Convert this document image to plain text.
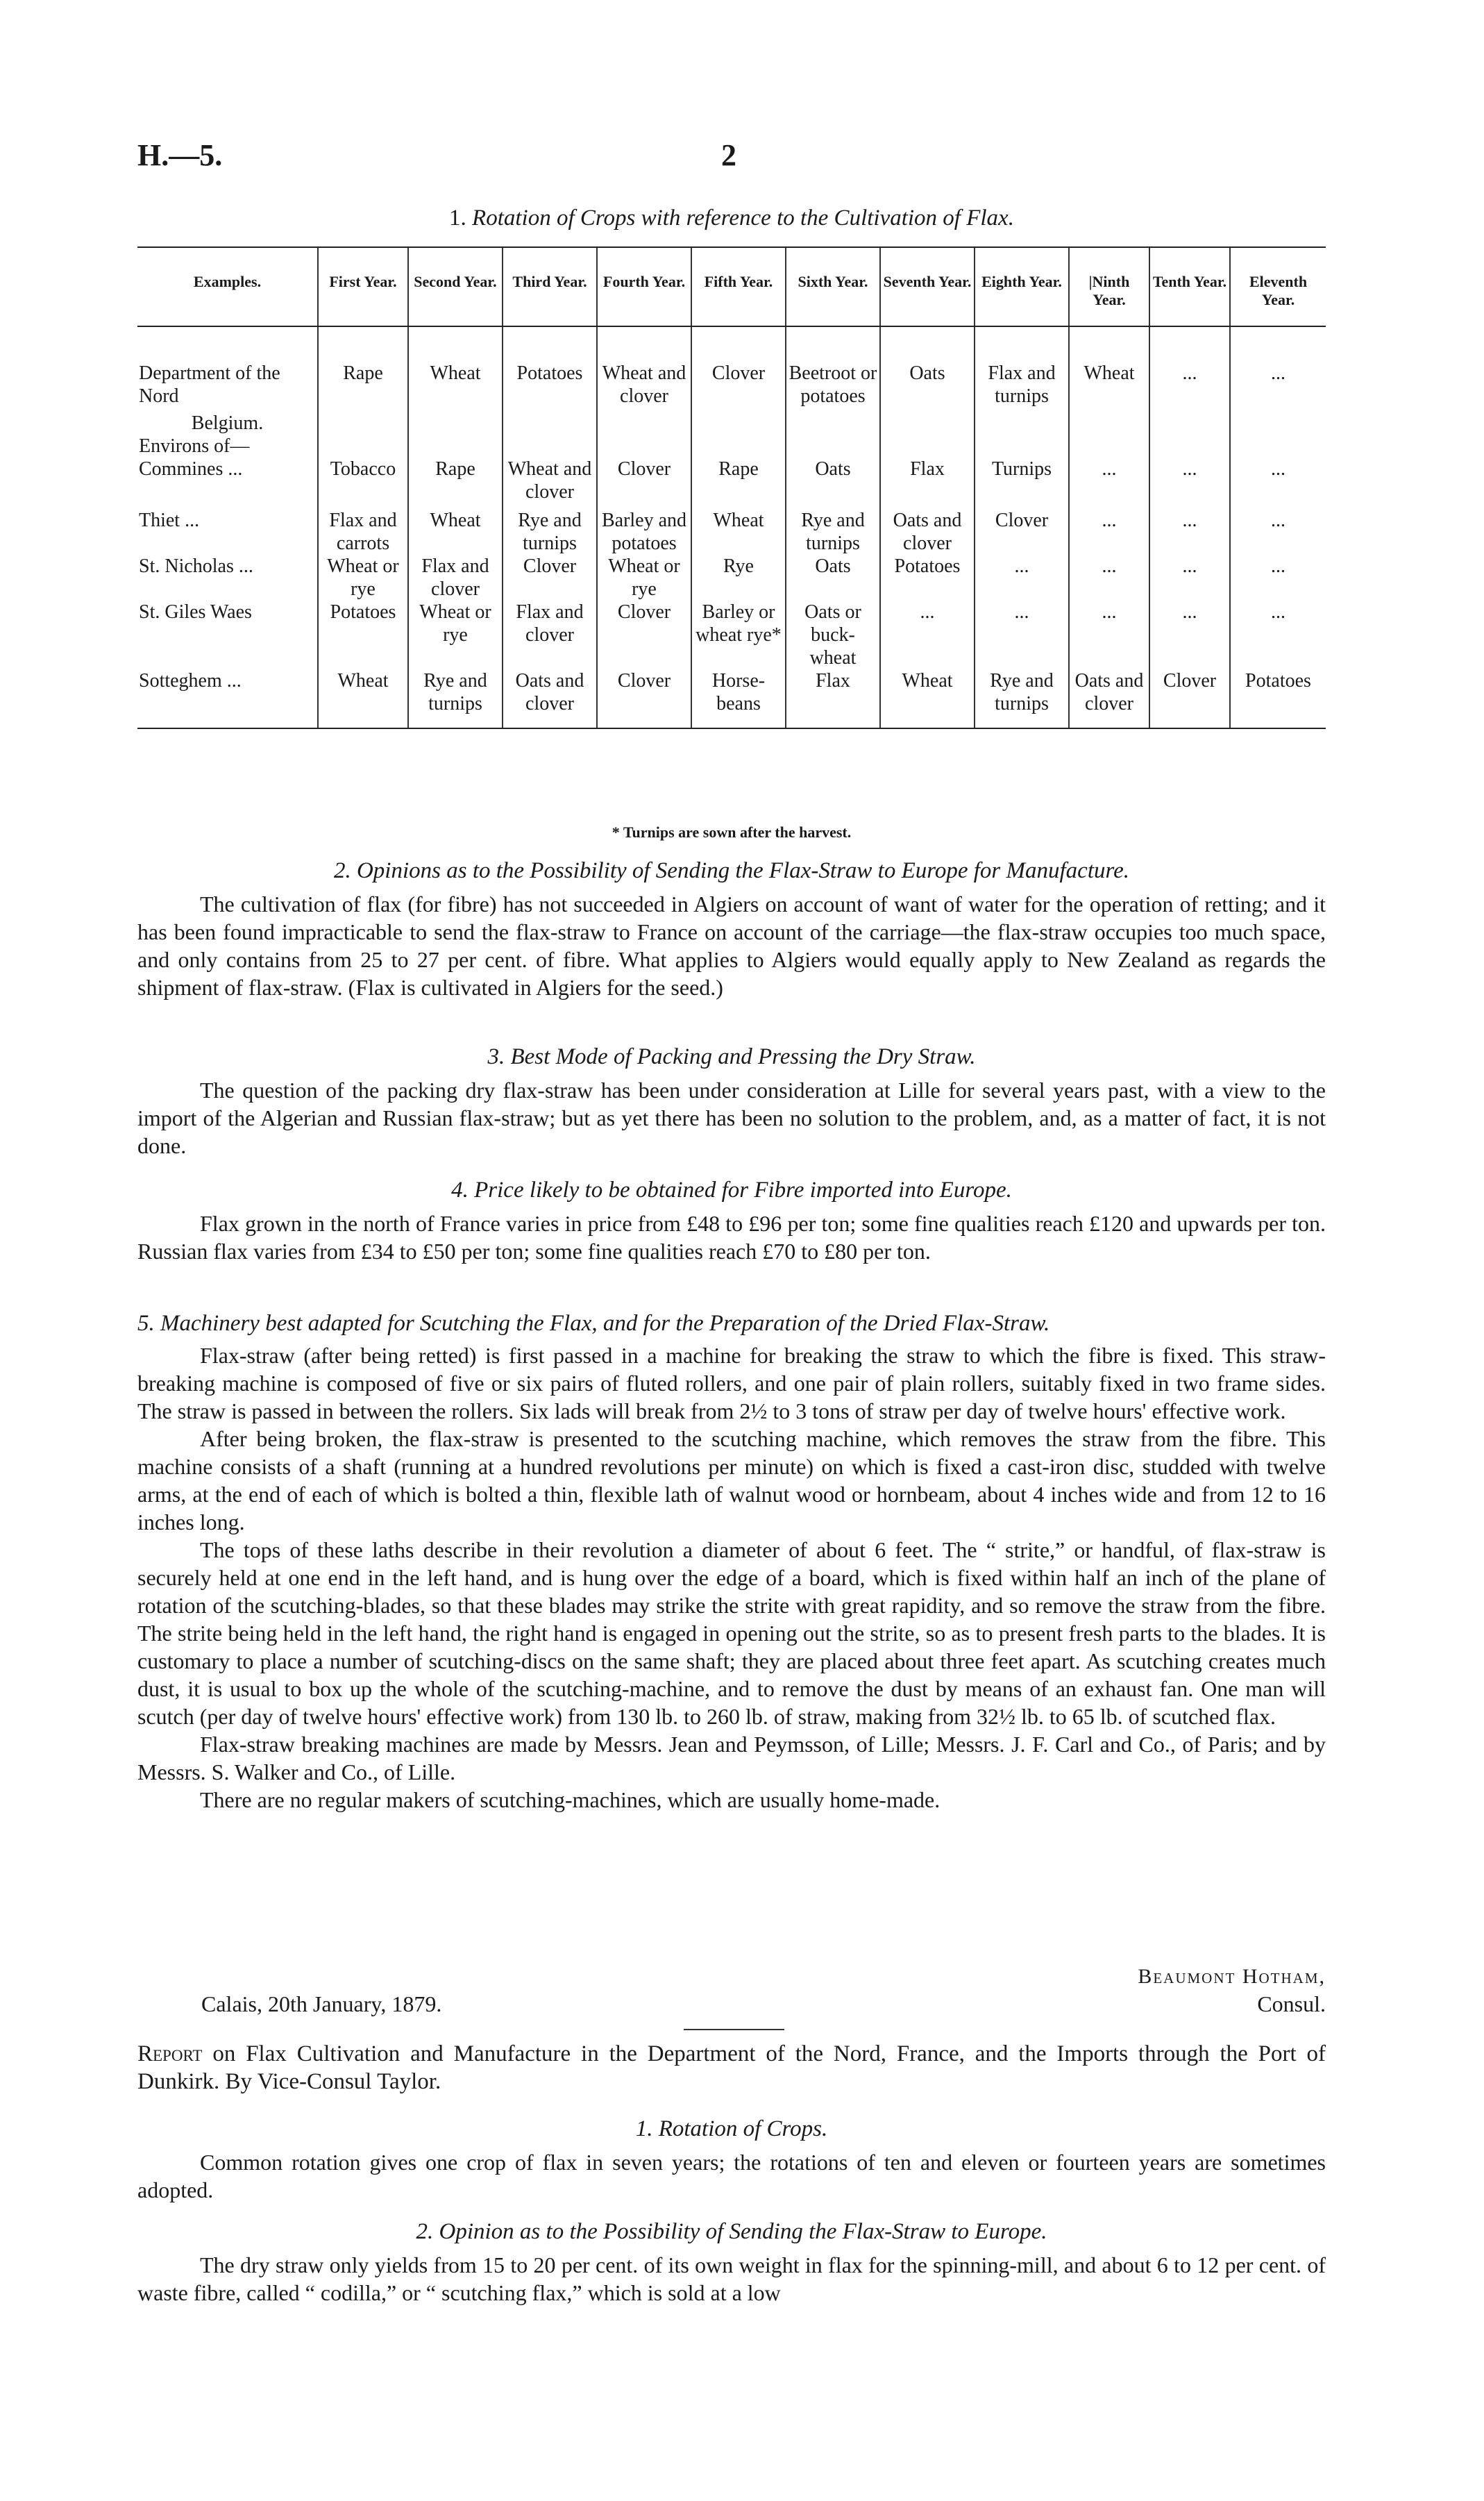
H.—5.	2
1. Rotation of Crops with reference to the Cultivation of Flax.
Examples.	First Year.	Second Year.	Third Year.	Fourth Year.	Fifth Year.	Sixth Year.	Seventh Year.	Eighth Year.	|Ninth Year.	Tenth Year.	Eleventh Year.
Department of the Nord	Rape	Wheat	Potatoes	Wheat and clover	Clover	Beetroot or potatoes	Oats	Flax and turnips	Wheat	...	...

Belgium.
Environs of—											
Commines ...	Tobacco	Rape	Wheat and clover	Clover	Rape	Oats	Flax	Turnips	...	...	...
Thiet ...	Flax and carrots	Wheat	Rye and turnips	Barley and potatoes	Wheat	Rye and turnips	Oats and clover	Clover	...	...	...
St. Nicholas ...	Wheat or rye	Flax and clover	Clover	Wheat or rye	Rye	Oats	Potatoes	...	...	...	...
St. Giles Waes	Potatoes	Wheat or rye	Flax and clover	Clover	Barley or wheat rye*	Oats or buck-wheat	...	...	...	...	...
Sotteghem ...	Wheat	Rye and turnips	Oats and clover	Clover	Horse-beans	Flax	Wheat	Rye and turnips	Oats and clover	Clover	Potatoes
* Turnips are sown after the harvest.
2. Opinions as to the Possibility of Sending the Flax-Straw to Europe for Manufacture.

The cultivation of flax (for fibre) has not succeeded in Algiers on account of want of water for the operation of retting; and it has been found impracticable to send the flax-straw to France on account of the carriage—the flax-straw occupies too much space, and only contains from 25 to 27 per cent. of fibre. What applies to Algiers would equally apply to New Zealand as regards the shipment of flax-straw. (Flax is cultivated in Algiers for the seed.)

3. Best Mode of Packing and Pressing the Dry Straw.

The question of the packing dry flax-straw has been under consideration at Lille for several years past, with a view to the import of the Algerian and Russian flax-straw; but as yet there has been no solution to the problem, and, as a matter of fact, it is not done.

4. Price likely to be obtained for Fibre imported into Europe.

Flax grown in the north of France varies in price from £48 to £96 per ton; some fine qualities reach £120 and upwards per ton. Russian flax varies from £34 to £50 per ton; some fine qualities reach £70 to £80 per ton.

5. Machinery best adapted for Scutching the Flax, and for the Preparation of the Dried Flax-Straw.

Flax-straw (after being retted) is first passed in a machine for breaking the straw to which the fibre is fixed. This straw-breaking machine is composed of five or six pairs of fluted rollers, and one pair of plain rollers, suitably fixed in two frame sides. The straw is passed in between the rollers. Six lads will break from 2½ to 3 tons of straw per day of twelve hours' effective work.

After being broken, the flax-straw is presented to the scutching machine, which removes the straw from the fibre. This machine consists of a shaft (running at a hundred revolutions per minute) on which is fixed a cast-iron disc, studded with twelve arms, at the end of each of which is bolted a thin, flexible lath of walnut wood or hornbeam, about 4 inches wide and from 12 to 16 inches long.

The tops of these laths describe in their revolution a diameter of about 6 feet. The “ strite,” or handful, of flax-straw is securely held at one end in the left hand, and is hung over the edge of a board, which is fixed within half an inch of the plane of rotation of the scutching-blades, so that these blades may strike the strite with great rapidity, and so remove the straw from the fibre. The strite being held in the left hand, the right hand is engaged in opening out the strite, so as to present fresh parts to the blades. It is customary to place a number of scutching-discs on the same shaft; they are placed about three feet apart. As scutching creates much dust, it is usual to box up the whole of the scutching-machine, and to remove the dust by means of an exhaust fan. One man will scutch (per day of twelve hours' effective work) from 130 lb. to 260 lb. of straw, making from 32½ lb. to 65 lb. of scutched flax.

Flax-straw breaking machines are made by Messrs. Jean and Peymsson, of Lille; Messrs. J. F. Carl and Co., of Paris; and by Messrs. S. Walker and Co., of Lille.

There are no regular makers of scutching-machines, which are usually home-made.

Beaumont Hotham,
Calais, 20th January, 1879.	Consul.
Report on Flax Cultivation and Manufacture in the Department of the Nord, France, and the Imports through the Port of Dunkirk. By Vice-Consul Taylor.
1. Rotation of Crops.

Common rotation gives one crop of flax in seven years; the rotations of ten and eleven or fourteen years are sometimes adopted.

2. Opinion as to the Possibility of Sending the Flax-Straw to Europe.

The dry straw only yields from 15 to 20 per cent. of its own weight in flax for the spinning-mill, and about 6 to 12 per cent. of waste fibre, called “ codilla,” or “ scutching flax,” which is sold at a low
